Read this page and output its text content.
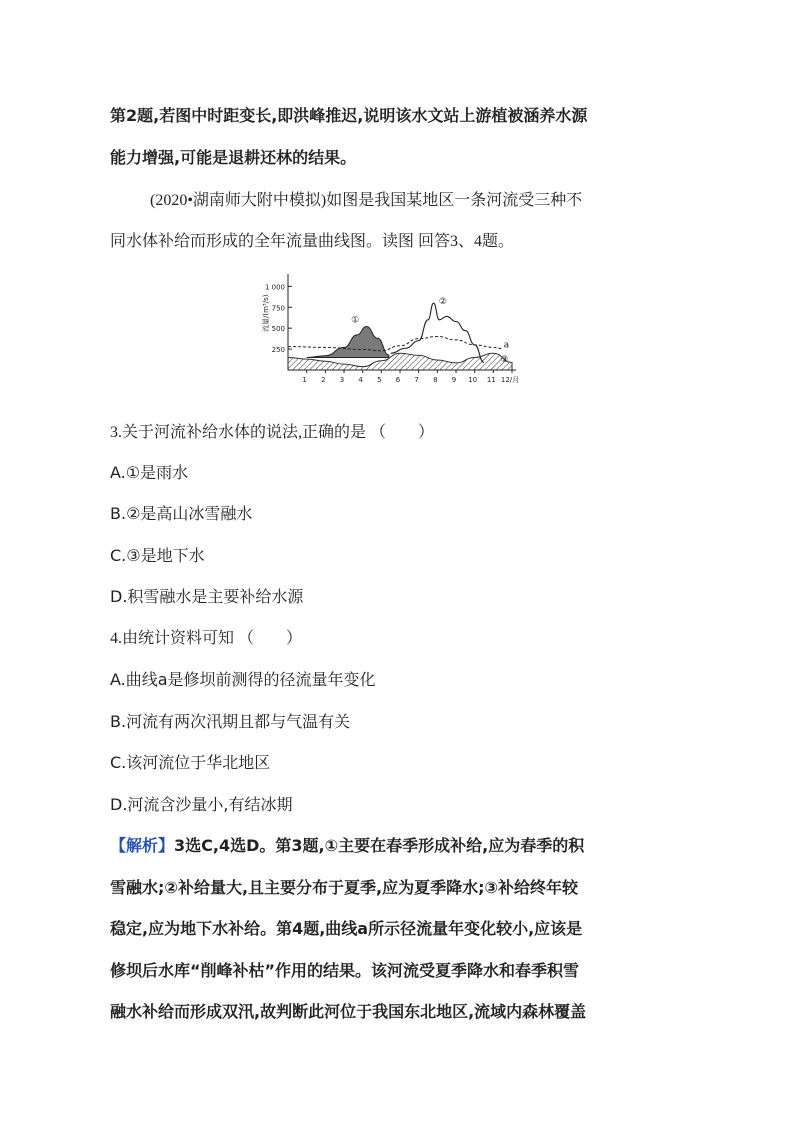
第2题,若图中时距变长,即洪峰推迟,说明该水文站上游植被涵养水源
能力增强,可能是退耕还林的结果。
(2020•湖南师大附中模拟)如图是我国某地区一条河流受三种不
同水体补给而形成的全年流量曲线图。读图 回答3、4题。
1 000
750
500
250
流量/(m³/s)
1 2 3 4 5 6 7 8 9 10 11 12/月
①
②
③
a
3.关于河流补给水体的说法,正确的是 （　　）
A.①是雨水
B.②是高山冰雪融水
C.③是地下水
D.积雪融水是主要补给水源
4.由统计资料可知 （　　）
A.曲线a是修坝前测得的径流量年变化
B.河流有两次汛期且都与气温有关
C.该河流位于华北地区
D.河流含沙量小,有结冰期
【解析】3选C,4选D。第3题,①主要在春季形成补给,应为春季的积
雪融水;②补给量大,且主要分布于夏季,应为夏季降水;③补给终年较
稳定,应为地下水补给。第4题,曲线a所示径流量年变化较小,应该是
修坝后水库“削峰补枯”作用的结果。该河流受夏季降水和春季积雪
融水补给而形成双汛,故判断此河位于我国东北地区,流域内森林覆盖
